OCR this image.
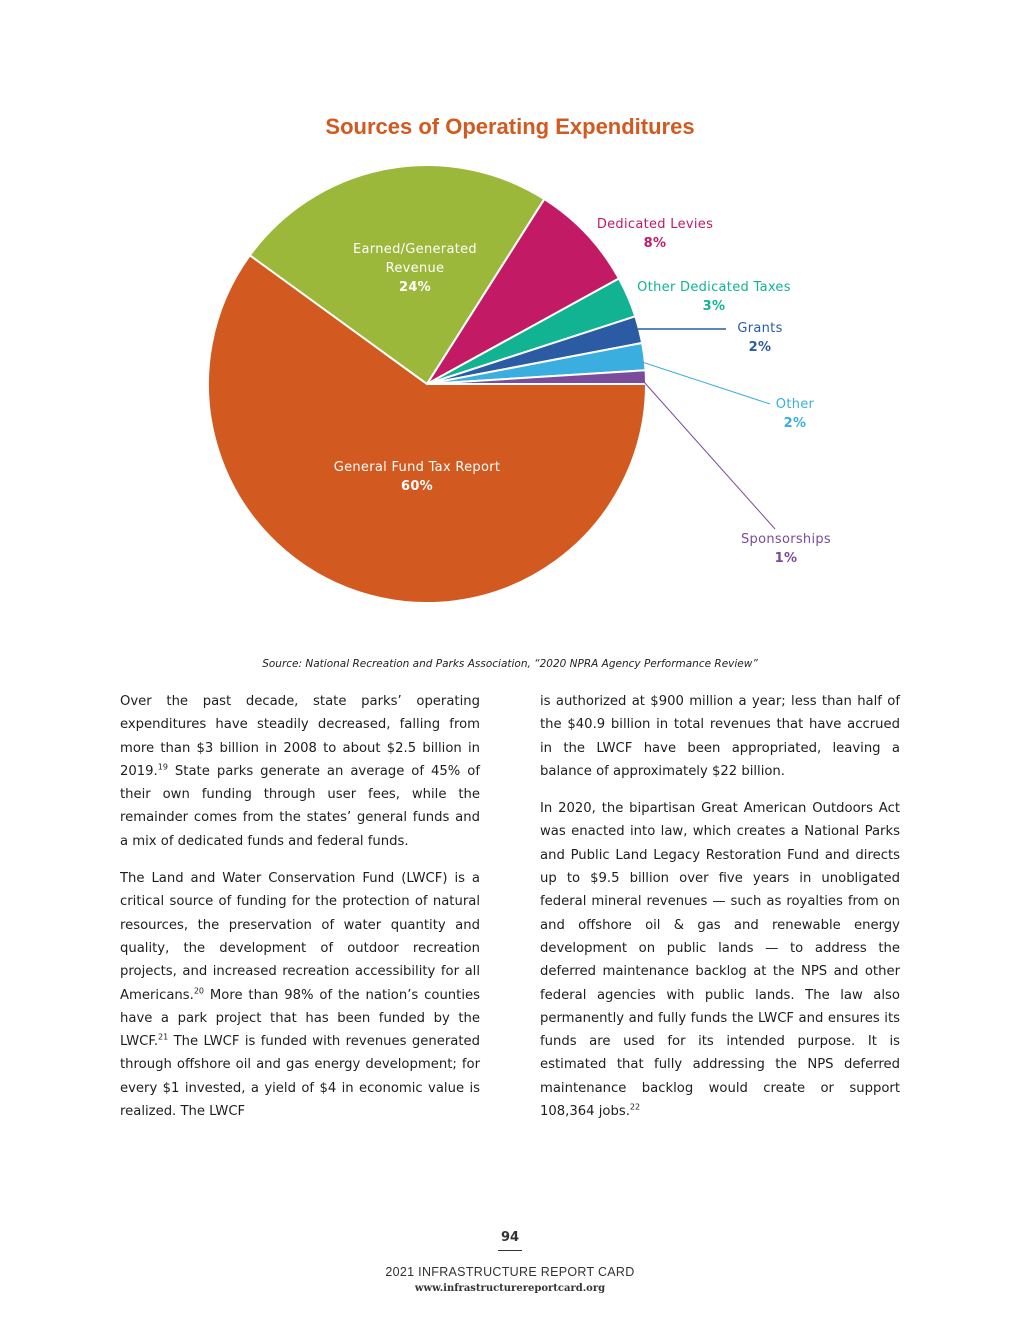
Sources of Operating Expenditures
Earned/Generated
Revenue
24%
General Fund Tax Report
60%
Dedicated Levies
8%
Other Dedicated Taxes
3%
Grants
2%
Other
2%
Sponsorships
1%
Source: National Recreation and Parks Association, “2020 NPRA Agency Performance Review”

Over the past decade, state parks’ operating expenditures have steadily decreased, falling from more than $3 billion in 2008 to about $2.5 billion in 2019.19 State parks generate an average of 45% of their own funding through user fees, while the remainder comes from the states’ general funds and a mix of dedicated funds and federal funds.

The Land and Water Conservation Fund (LWCF) is a critical source of funding for the protection of natural resources, the preservation of water quantity and quality, the development of outdoor recreation projects, and increased recreation accessibility for all Americans.$^{20}$ More than 98% of the nation’s counties have a park project that has been funded by the LWCF.$^{21}$ The LWCF is funded with revenues generated through offshore oil and gas energy development; for every $1 invested, a yield of $4 in economic value is realized. The LWCF

is authorized at $900 million a year; less than half of the $40.9 billion in total revenues that have accrued in the LWCF have been appropriated, leaving a balance of approximately $22 billion.

In 2020, the bipartisan Great American Outdoors Act was enacted into law, which creates a National Parks and Public Land Legacy Restoration Fund and directs up to $9.5 billion over five years in unobligated federal mineral revenues — such as royalties from on and offshore oil & gas and renewable energy development on public lands — to address the deferred maintenance backlog at the NPS and other federal agencies with public lands. The law also permanently and fully funds the LWCF and ensures its funds are used for its intended purpose. It is estimated that fully addressing the NPS deferred maintenance backlog would create or support 108,364 jobs.$^{22}$

94
2021 INFRASTRUCTURE REPORT CARD
www.infrastructurereportcard.org
